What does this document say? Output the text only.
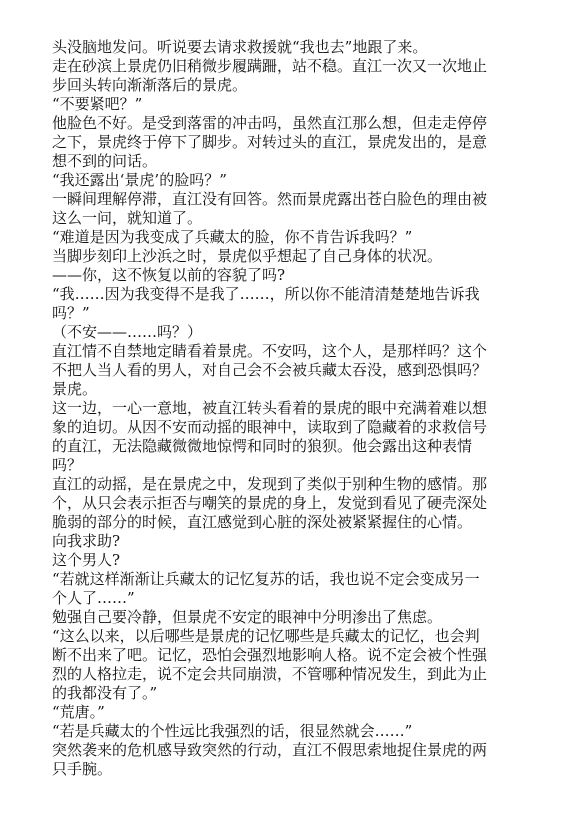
头没脑地发问。听说要去请求救援就“我也去”地跟了来。
走在砂滨上景虎仍旧稍微步履蹒跚，站不稳。直江一次又一次地止
步回头转向渐渐落后的景虎。
“不要紧吧？”
他脸色不好。是受到落雷的冲击吗，虽然直江那么想，但走走停停
之下，景虎终于停下了脚步。对转过头的直江，景虎发出的，是意
想不到的问话。
“我还露出‘景虎’的脸吗？”
一瞬间理解停滞，直江没有回答。然而景虎露出苍白脸色的理由被
这么一问，就知道了。
“难道是因为我变成了兵藏太的脸，你不肯告诉我吗？”
当脚步刻印上沙浜之时，景虎似乎想起了自己身体的状况。
——你，这不恢复以前的容貌了吗?
“我……因为我变得不是我了……，所以你不能清清楚楚地告诉我
吗？”
（不安——……吗？）
直江情不自禁地定睛看着景虎。不安吗，这个人，是那样吗？这个
不把人当人看的男人，对自己会不会被兵藏太吞没，感到恐惧吗？
景虎。
这一边，一心一意地，被直江转头看着的景虎的眼中充满着难以想
象的迫切。从因不安而动摇的眼神中，读取到了隐藏着的求救信号
的直江，无法隐藏微微地惊愕和同时的狼狈。他会露出这种表情
吗？
直江的动摇，是在景虎之中，发现到了类似于别种生物的感情。那
个，从只会表示拒否与嘲笑的景虎的身上，发觉到看见了硬壳深处
脆弱的部分的时候，直江感觉到心脏的深处被紧紧握住的心情。
向我求助?
这个男人?
“若就这样渐渐让兵藏太的记忆复苏的话，我也说不定会变成另一
个人了……”
勉强自己要冷静，但景虎不安定的眼神中分明渗出了焦虑。
“这么以来，以后哪些是景虎的记忆哪些是兵藏太的记忆，也会判
断不出来了吧。记忆，恐怕会强烈地影响人格。说不定会被个性强
烈的人格拉走，说不定会共同崩溃，不管哪种情况发生，到此为止
的我都没有了。”
“荒唐。”
“若是兵藏太的个性远比我强烈的话，很显然就会……”
突然袭来的危机感导致突然的行动，直江不假思索地捉住景虎的两
只手腕。
